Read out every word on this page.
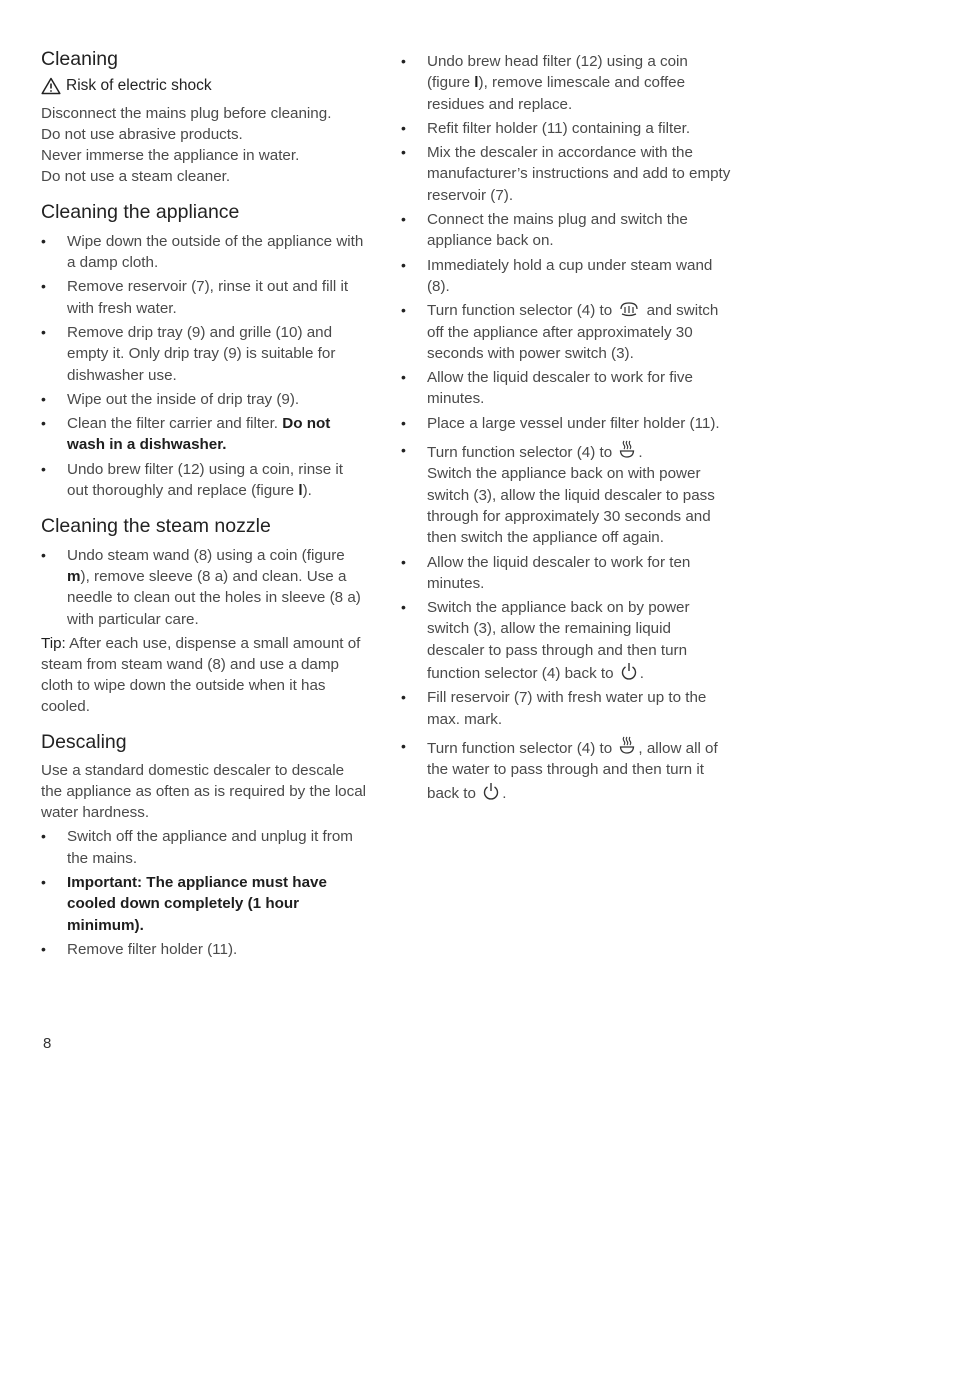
Cleaning
Risk of electric shock

Disconnect the mains plug before cleaning.

Do not use abrasive products.

Never immerse the appliance in water.

Do not use a steam cleaner.

Cleaning the appliance
• Wipe down the outside of the appliance with a damp cloth.
• Remove reservoir (7), rinse it out and fill it with fresh water.
• Remove drip tray (9) and grille (10) and empty it. Only drip tray (9) is suitable for dishwasher use.
• Wipe out the inside of drip tray (9).
• Clean the filter carrier and filter. Do not wash in a dishwasher.
• Undo brew filter (12) using a coin, rinse it out thoroughly and replace (figure l).
Cleaning the steam nozzle
• Undo steam wand (8) using a coin (figure m), remove sleeve (8 a) and clean. Use a needle to clean out the holes in sleeve (8 a) with particular care.

Tip: After each use, dispense a small amount of steam from steam wand (8) and use a damp cloth to wipe down the outside when it has cooled.

Descaling

Use a standard domestic descaler to descale the appliance as often as is required by the local water hardness.

• Switch off the appliance and unplug it from the mains.
• Important: The appliance must have cooled down completely (1 hour minimum).
• Remove filter holder (11).
• Undo brew head filter (12) using a coin (figure l), remove limescale and coffee residues and replace.
• Refit filter holder (11) containing a filter.
• Mix the descaler in accordance with the manufacturer’s instructions and add to empty reservoir (7).
• Connect the mains plug and switch the appliance back on.
• Immediately hold a cup under steam wand (8).
• Turn function selector (4) to  and switch off the appliance after approximately 30 seconds with power switch (3).
• Allow the liquid descaler to work for five minutes.
• Place a large vessel under filter holder (11).
• Turn function selector (4) to .
Switch the appliance back on with power switch (3), allow the liquid descaler to pass through for approximately 30 seconds and then switch the appliance off again.
• Allow the liquid descaler to work for ten minutes.
• Switch the appliance back on by power switch (3), allow the remaining liquid descaler to pass through and then turn function selector (4) back to .
• Fill reservoir (7) with fresh water up to the max. mark.
• Turn function selector (4) to , allow all of the water to pass through and then turn it back to .
8
